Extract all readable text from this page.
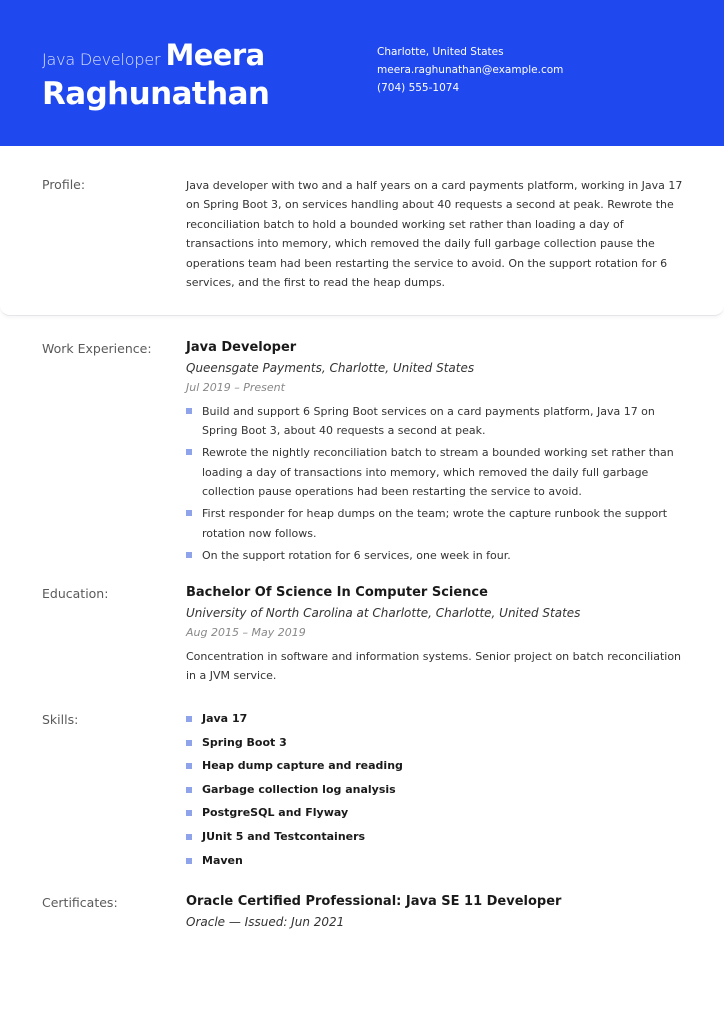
Java Developer Meera
Raghunathan
Charlotte, United States
meera.raghunathan@example.com
(704) 555-1074
Profile:	Java developer with two and a half years on a card payments platform, working in Java 17 on Spring Boot 3, on services handling about 40 requests a second at peak. Rewrote the reconciliation batch to hold a bounded working set rather than loading a day of transactions into memory, which removed the daily full garbage collection pause the operations team had been restarting the service to avoid. On the support rotation for 6 services, and the first to read the heap dumps.
Work Experience:	Java Developer
Queensgate Payments, Charlotte, United States
Jul 2019 – Present
Build and support 6 Spring Boot services on a card payments platform, Java 17 on Spring Boot 3, about 40 requests a second at peak.
Rewrote the nightly reconciliation batch to stream a bounded working set rather than loading a day of transactions into memory, which removed the daily full garbage collection pause operations had been restarting the service to avoid.
First responder for heap dumps on the team; wrote the capture runbook the support rotation now follows.
On the support rotation for 6 services, one week in four.
Education:	Bachelor Of Science In Computer Science
University of North Carolina at Charlotte, Charlotte, United States
Aug 2015 – May 2019
Concentration in software and information systems. Senior project on batch reconciliation in a JVM service.
Skills:	Java 17
Spring Boot 3
Heap dump capture and reading
Garbage collection log analysis
PostgreSQL and Flyway
JUnit 5 and Testcontainers
Maven
Certificates:	Oracle Certified Professional: Java SE 11 Developer
Oracle — Issued: Jun 2021
